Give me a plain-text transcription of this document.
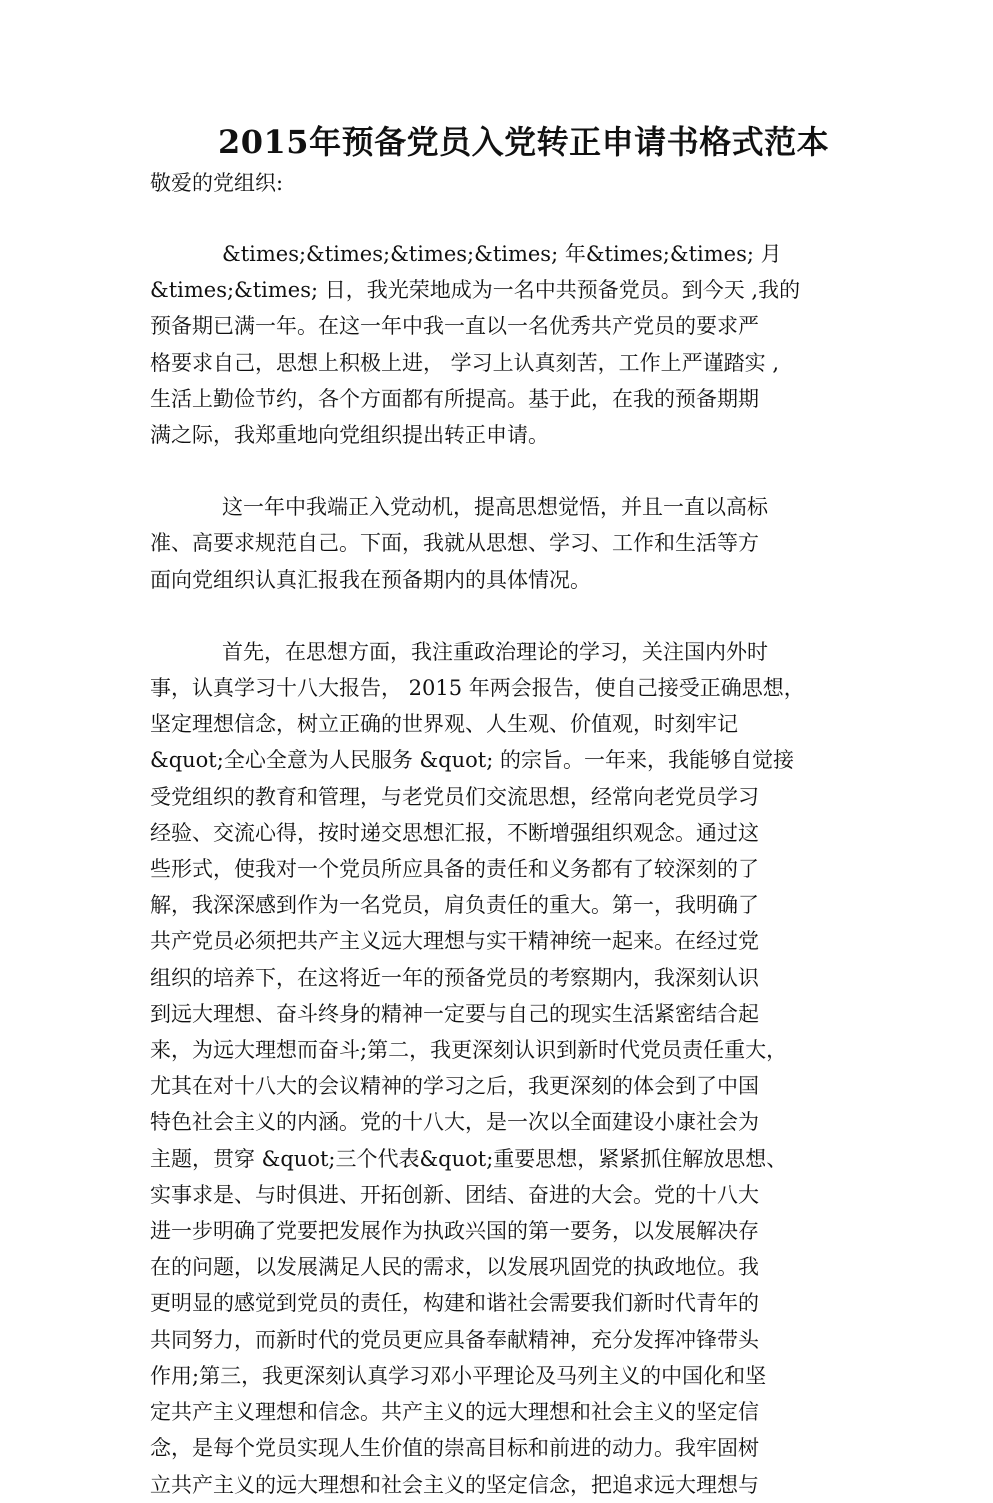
2015年预备党员入党转正申请书格式范本

敬爱的党组织:

&times;&times;&times;&times; 年&times;&times; 月
&times;&times; 日，我光荣地成为一名中共预备党员。到今天 ,我的
预备期已满一年。在这一年中我一直以一名优秀共产党员的要求严
格要求自己，思想上积极上进， 学习上认真刻苦，工作上严谨踏实 ,
生活上勤俭节约，各个方面都有所提高。基于此，在我的预备期期
满之际，我郑重地向党组织提出转正申请。

这一年中我端正入党动机，提高思想觉悟，并且一直以高标
准、高要求规范自己。下面，我就从思想、学习、工作和生活等方
面向党组织认真汇报我在预备期内的具体情况。

首先，在思想方面，我注重政治理论的学习，关注国内外时
事，认真学习十八大报告， 2015 年两会报告，使自己接受正确思想，
坚定理想信念，树立正确的世界观、人生观、价值观，时刻牢记
&quot;全心全意为人民服务 &quot; 的宗旨。一年来，我能够自觉接
受党组织的教育和管理，与老党员们交流思想，经常向老党员学习
经验、交流心得，按时递交思想汇报，不断增强组织观念。通过这
些形式，使我对一个党员所应具备的责任和义务都有了较深刻的了
解，我深深感到作为一名党员，肩负责任的重大。第一，我明确了
共产党员必须把共产主义远大理想与实干精神统一起来。在经过党
组织的培养下，在这将近一年的预备党员的考察期内，我深刻认识
到远大理想、奋斗终身的精神一定要与自己的现实生活紧密结合起
来，为远大理想而奋斗;第二，我更深刻认识到新时代党员责任重大，
尤其在对十八大的会议精神的学习之后，我更深刻的体会到了中国
特色社会主义的内涵。党的十八大，是一次以全面建设小康社会为
主题，贯穿 &quot;三个代表&quot;重要思想，紧紧抓住解放思想、
实事求是、与时俱进、开拓创新、团结、奋进的大会。党的十八大
进一步明确了党要把发展作为执政兴国的第一要务，以发展解决存
在的问题，以发展满足人民的需求，以发展巩固党的执政地位。我
更明显的感觉到党员的责任，构建和谐社会需要我们新时代青年的
共同努力，而新时代的党员更应具备奉献精神，充分发挥冲锋带头
作用;第三，我更深刻认真学习邓小平理论及马列主义的中国化和坚
定共产主义理想和信念。共产主义的远大理想和社会主义的坚定信
念，是每个党员实现人生价值的崇高目标和前进的动力。我牢固树
立共产主义的远大理想和社会主义的坚定信念，把追求远大理想与
